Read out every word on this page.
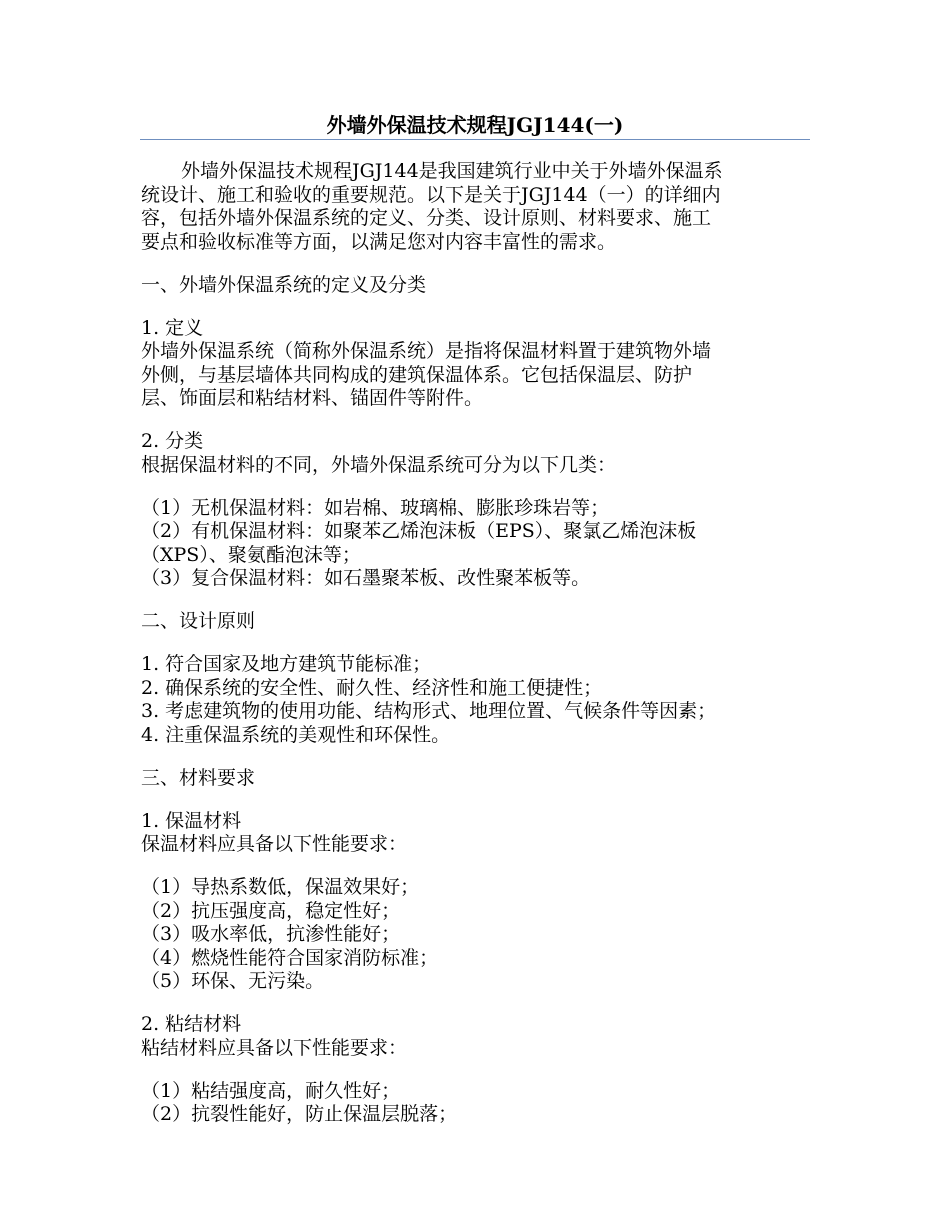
外墙外保温技术规程JGJ144(一)
外墙外保温技术规程JGJ144是我国建筑行业中关于外墙外保温系
统设计、施工和验收的重要规范。以下是关于JGJ144（一）的详细内
容，包括外墙外保温系统的定义、分类、设计原则、材料要求、施工
要点和验收标准等方面，以满足您对内容丰富性的需求。
一、外墙外保温系统的定义及分类
1. 定义
外墙外保温系统（简称外保温系统）是指将保温材料置于建筑物外墙
外侧，与基层墙体共同构成的建筑保温体系。它包括保温层、防护
层、饰面层和粘结材料、锚固件等附件。
2. 分类
根据保温材料的不同，外墙外保温系统可分为以下几类：
（1）无机保温材料：如岩棉、玻璃棉、膨胀珍珠岩等；
（2）有机保温材料：如聚苯乙烯泡沫板（EPS）、聚氯乙烯泡沫板
（XPS）、聚氨酯泡沫等；
（3）复合保温材料：如石墨聚苯板、改性聚苯板等。
二、设计原则
1. 符合国家及地方建筑节能标准；
2. 确保系统的安全性、耐久性、经济性和施工便捷性；
3. 考虑建筑物的使用功能、结构形式、地理位置、气候条件等因素；
4. 注重保温系统的美观性和环保性。
三、材料要求
1. 保温材料
保温材料应具备以下性能要求：
（1）导热系数低，保温效果好；
（2）抗压强度高，稳定性好；
（3）吸水率低，抗渗性能好；
（4）燃烧性能符合国家消防标准；
（5）环保、无污染。
2. 粘结材料
粘结材料应具备以下性能要求：
（1）粘结强度高，耐久性好；
（2）抗裂性能好，防止保温层脱落；
